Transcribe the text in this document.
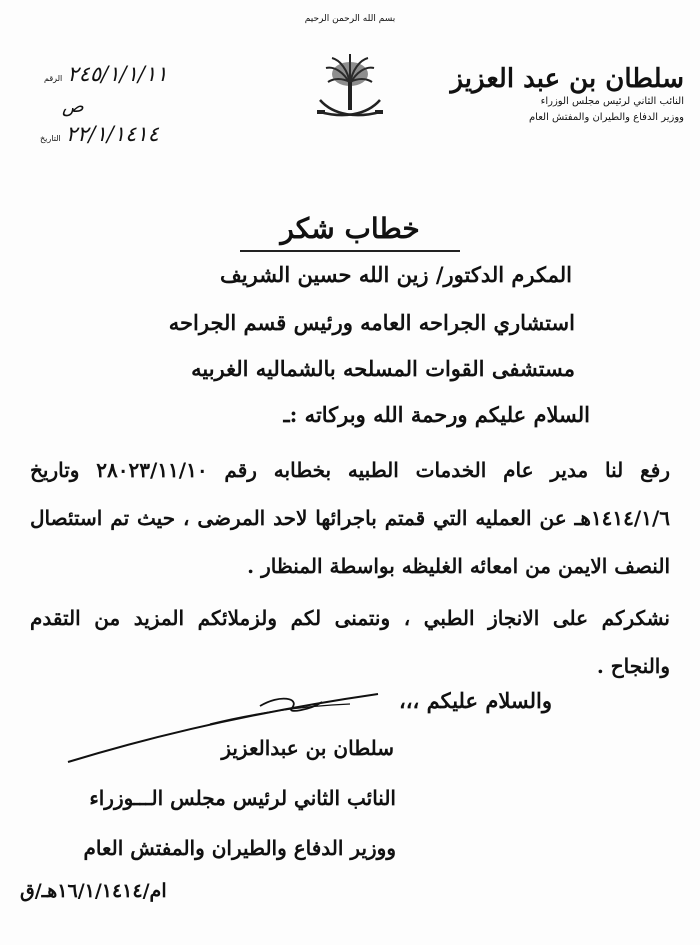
بسم الله الرحمن الرحيم
سلطان بن عبد العزيز
النائب الثاني لرئيس مجلس الوزراء
ووزير الدفاع والطيران والمفتش العام
٢٤٥/١/١/١١ الرقم
ص
٢٢/١/١٤١٤ التاريخ
خطاب شكر
المكرم الدكتور/ زين الله حسين الشريف
استشاري الجراحه العامه ورئيس قسم الجراحه
مستشفى القوات المسلحه بالشماليه الغربيه
السلام عليكم ورحمة الله وبركاته :ـ
رفع لنا مدير عام الخدمات الطبيه بخطابه رقم ٢٨٠٢٣/١١/١٠ وتاريخ ١٤١٤/١/٦هـ عن العمليه التي قمتم باجرائها لاحد المرضى ، حيث تم استئصال النصف الايمن من امعائه الغليظه بواسطة المنظار .
نشكركم على الانجاز الطبي ، ونتمنى لكم ولزملائكم المزيد من التقدم والنجاح .
والسلام عليكم ،،،
سلطان بن عبدالعزيز
النائب الثاني لرئيس مجلس الـــوزراء
ووزير الدفاع والطيران والمفتش العام
ام/١٦/١/١٤١٤هـ/ق
